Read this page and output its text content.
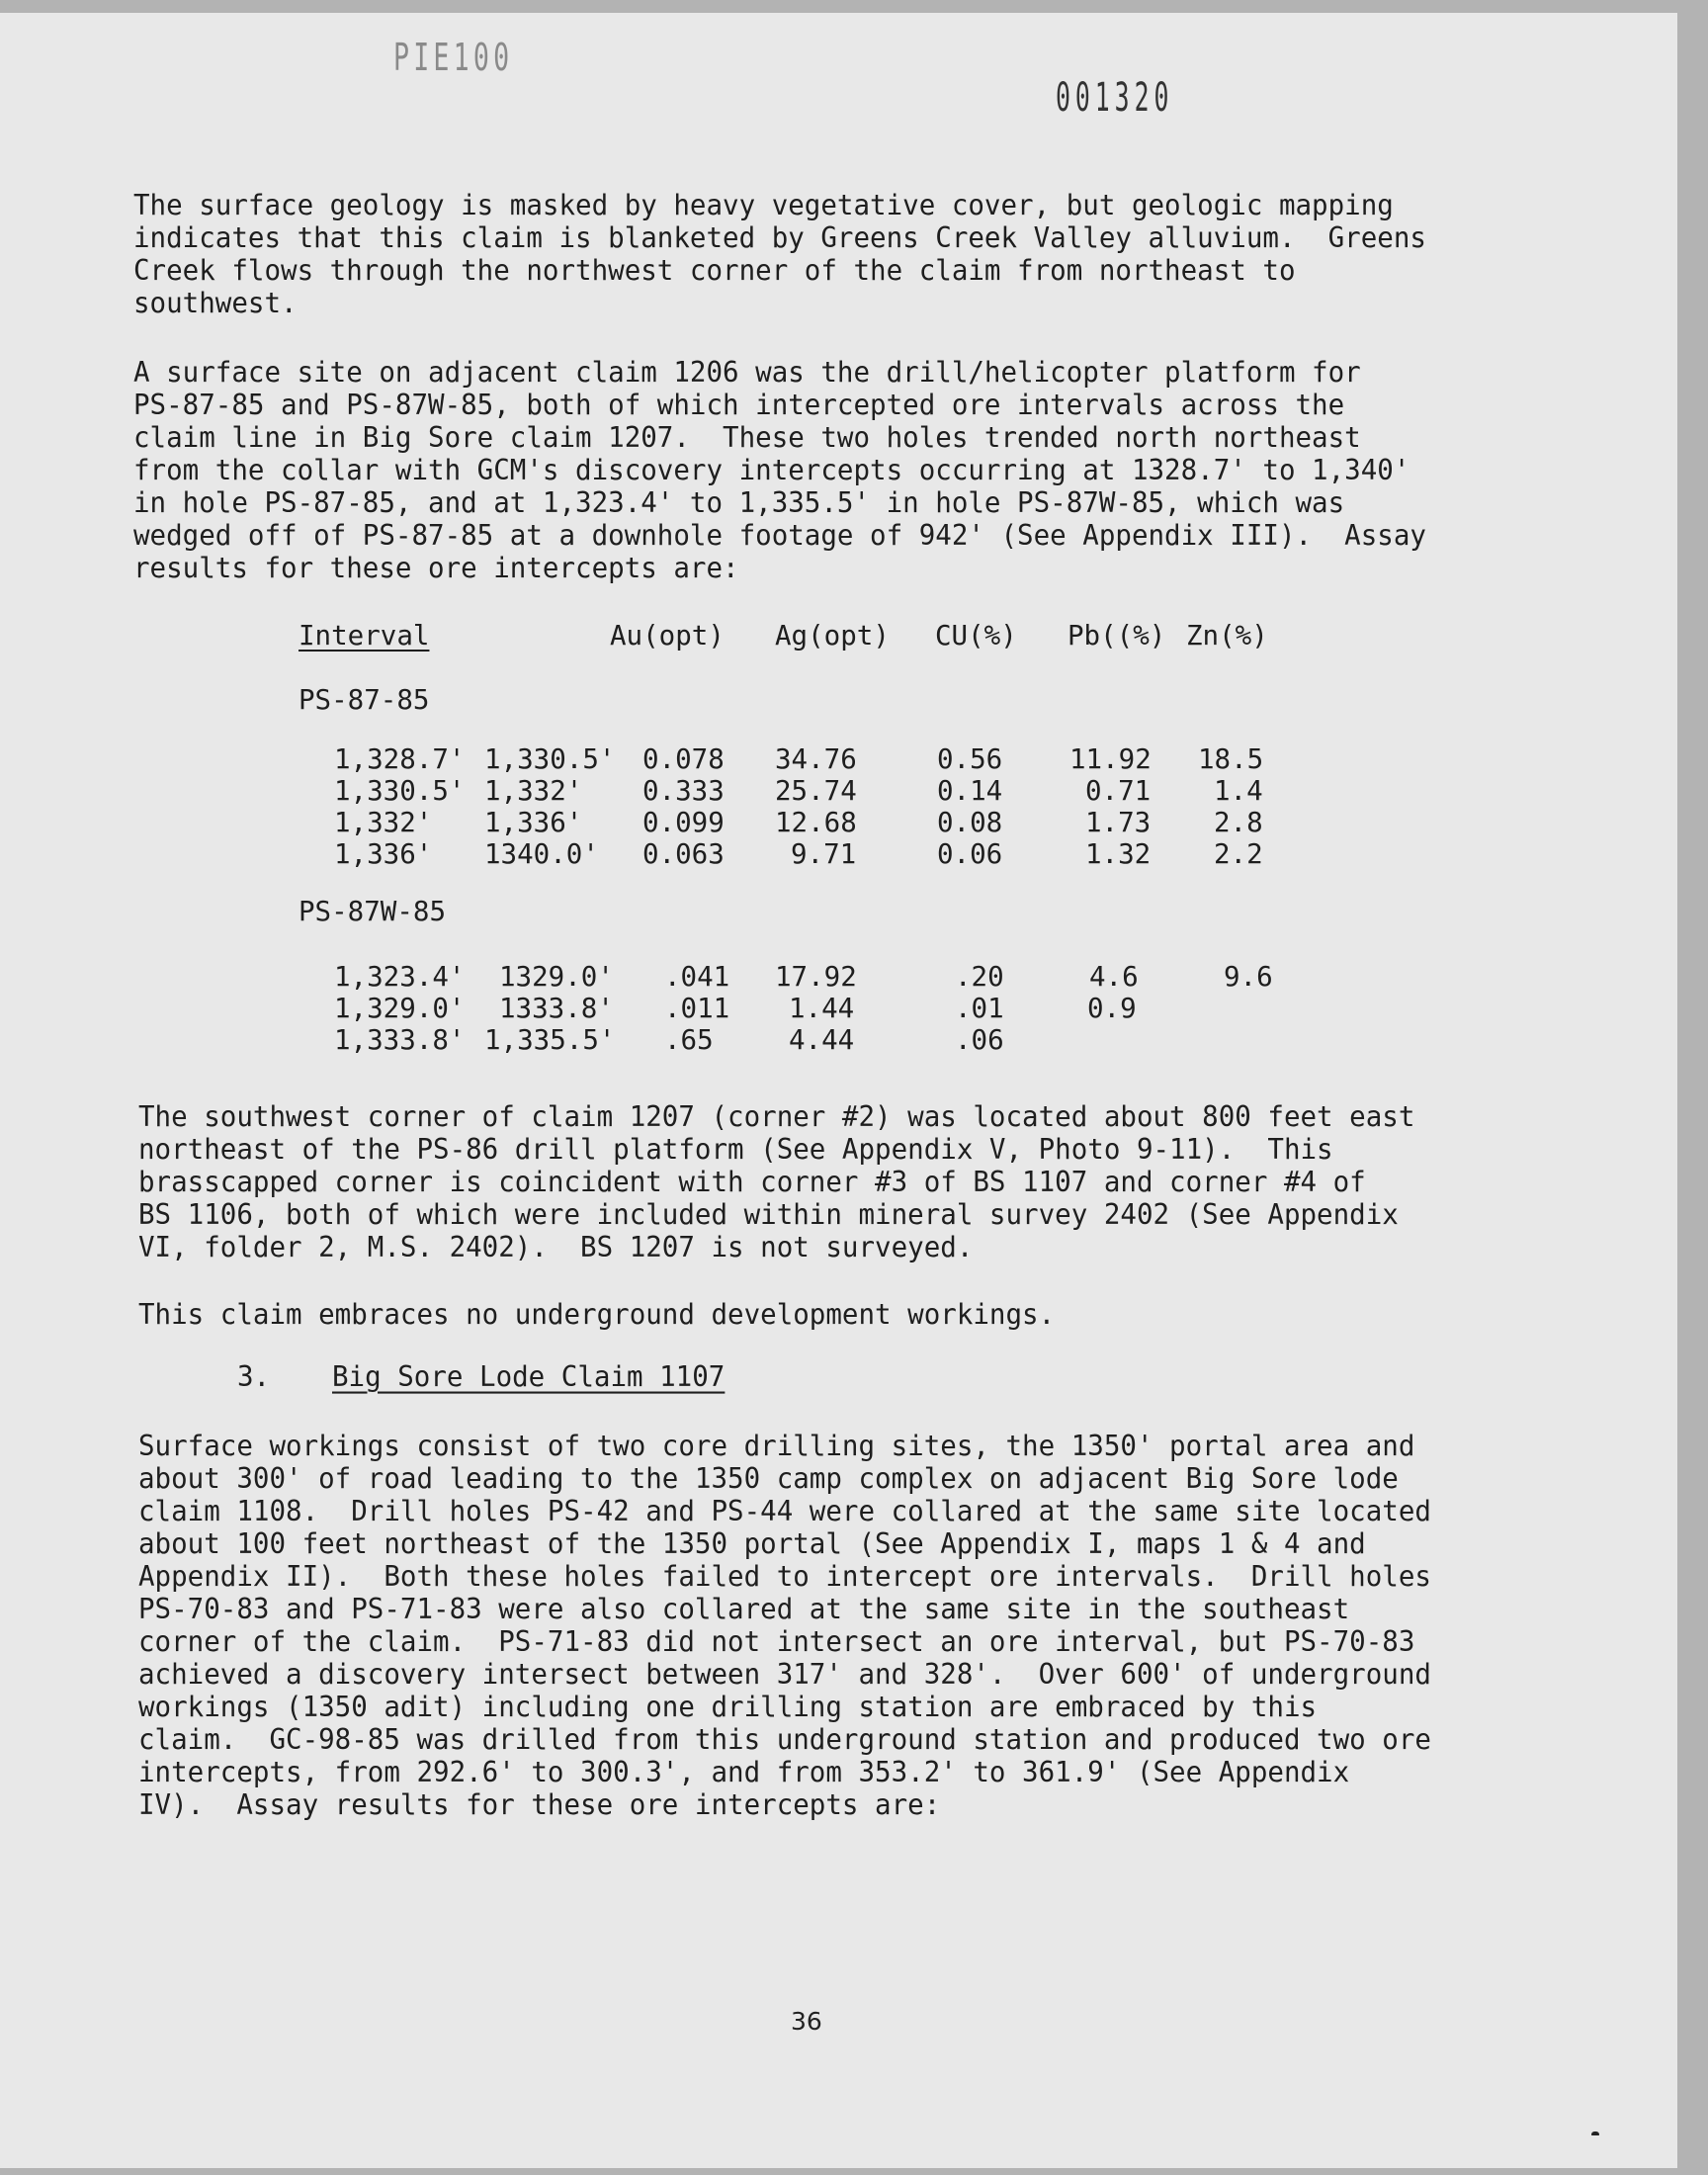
PIE100
001320
The surface geology is masked by heavy vegetative cover, but geologic mapping
indicates that this claim is blanketed by Greens Creek Valley alluvium.  Greens
Creek flows through the northwest corner of the claim from northeast to
southwest.
A surface site on adjacent claim 1206 was the drill/helicopter platform for
PS-87-85 and PS-87W-85, both of which intercepted ore intervals across the
claim line in Big Sore claim 1207.  These two holes trended north northeast
from the collar with GCM's discovery intercepts occurring at 1328.7' to 1,340'
in hole PS-87-85, and at 1,323.4' to 1,335.5' in hole PS-87W-85, which was
wedged off of PS-87-85 at a downhole footage of 942' (See Appendix III).  Assay
results for these ore intercepts are:
Interval	Au(opt) Ag(opt) CU(%) Pb((%) Zn(%)
PS-87-85
1,328.7' 1,330.5' 0.078 34.76	0.56 11.92 18.5
1,330.5' 1,332' 0.333 25.74	0.14	0.71 1.4
1,332' 1,336' 0.099 12.68	0.08	1.73 2.8
1,336' 1340.0' 0.063 9.71	0.06	1.32 2.2
PS-87W-85
1,323.4' 1329.0' .041 17.92	.20	4.6	9.6
1,329.0' 1333.8' .011 1.44	.01	0.9
1,333.8' 1,335.5' .65	4.44	.06
The southwest corner of claim 1207 (corner #2) was located about 800 feet east
northeast of the PS-86 drill platform (See Appendix V, Photo 9-11).  This
brasscapped corner is coincident with corner #3 of BS 1107 and corner #4 of
BS 1106, both of which were included within mineral survey 2402 (See Appendix
VI, folder 2, M.S. 2402).  BS 1207 is not surveyed.
This claim embraces no underground development workings.
3. Big Sore Lode Claim 1107
Surface workings consist of two core drilling sites, the 1350' portal area and
about 300' of road leading to the 1350 camp complex on adjacent Big Sore lode
claim 1108.  Drill holes PS-42 and PS-44 were collared at the same site located
about 100 feet northeast of the 1350 portal (See Appendix I, maps 1 & 4 and
Appendix II).  Both these holes failed to intercept ore intervals.  Drill holes
PS-70-83 and PS-71-83 were also collared at the same site in the southeast
corner of the claim.  PS-71-83 did not intersect an ore interval, but PS-70-83
achieved a discovery intersect between 317' and 328'.  Over 600' of underground
workings (1350 adit) including one drilling station are embraced by this
claim.  GC-98-85 was drilled from this underground station and produced two ore
intercepts, from 292.6' to 300.3', and from 353.2' to 361.9' (See Appendix
IV).  Assay results for these ore intercepts are:
36
